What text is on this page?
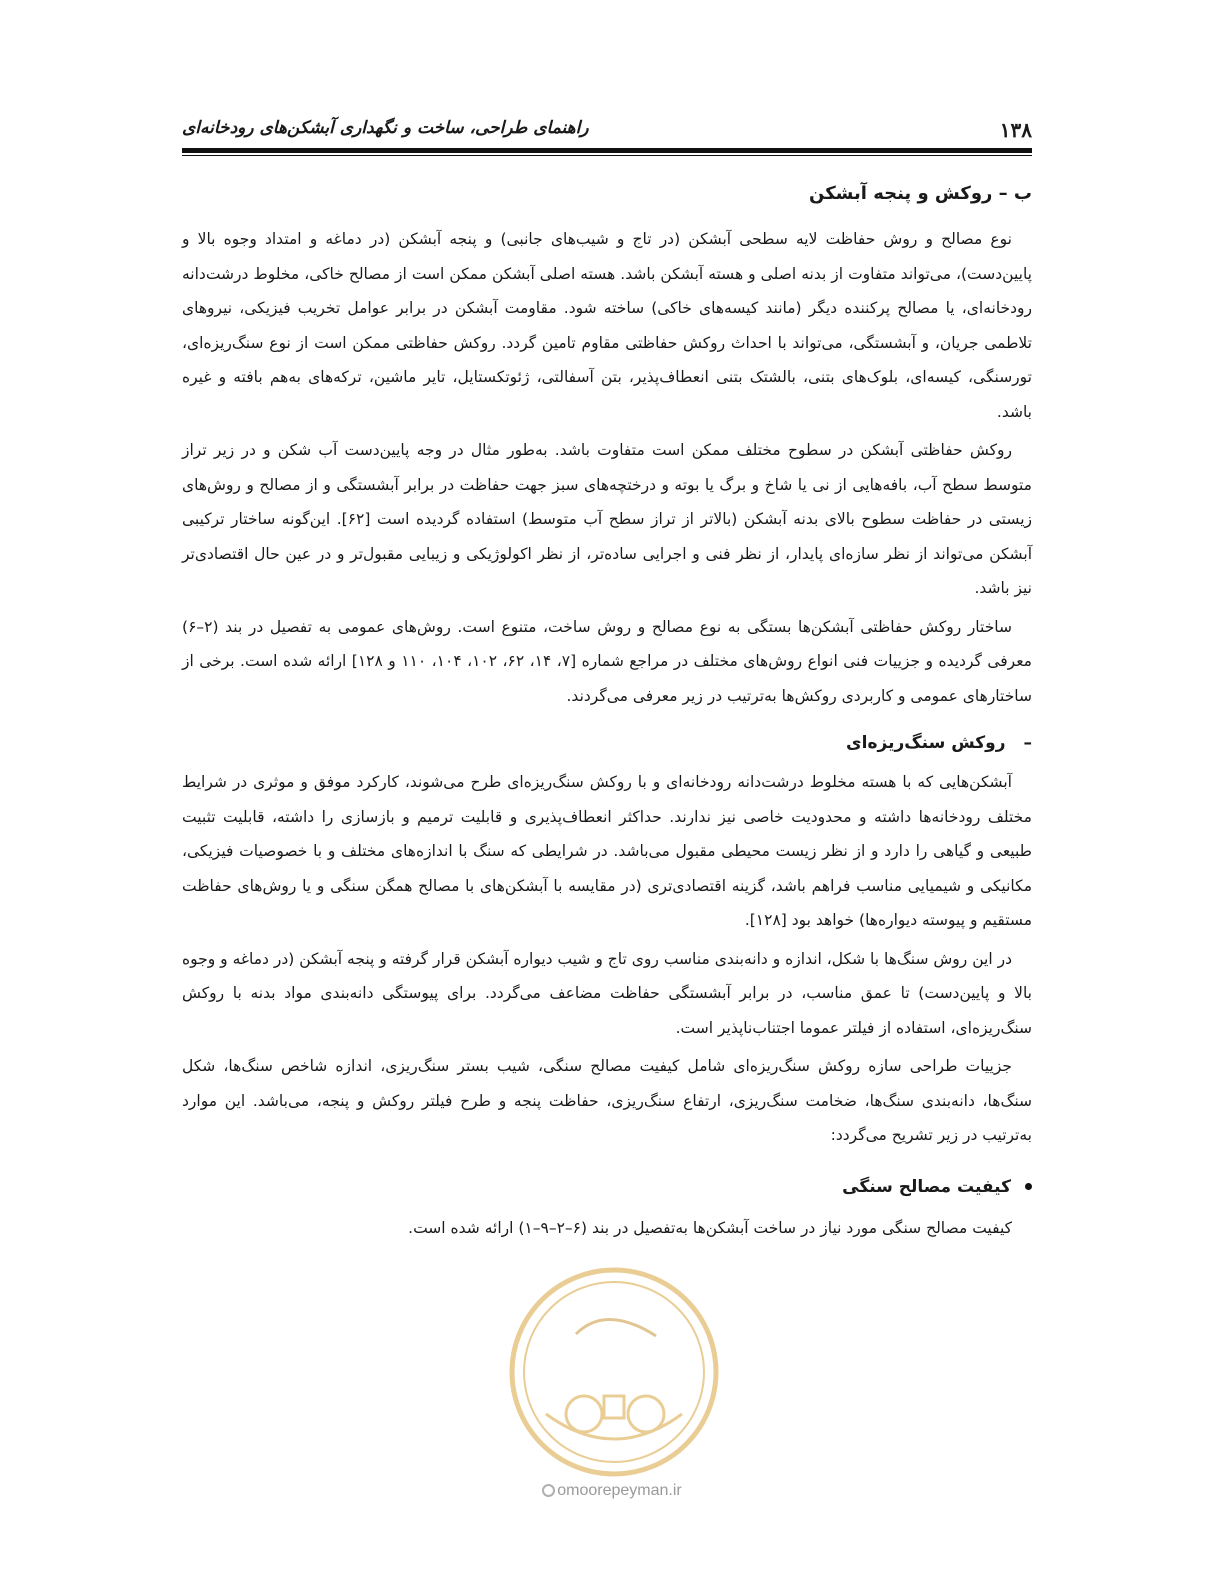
۱۳۸
راهنمای طراحی، ساخت و نگهداری آبشکن‌های رودخانه‌ای
ب – روکش و پنجه آبشکن

نوع مصالح و روش حفاظت لایه سطحی آبشکن (در تاج و شیب‌های جانبی) و پنجه آبشکن (در دماغه و امتداد وجوه بالا و پایین‌دست)، می‌تواند متفاوت از بدنه اصلی و هسته آبشکن باشد. هسته اصلی آبشکن ممکن است از مصالح خاکی، مخلوط درشت‌دانه رودخانه‌ای، یا مصالح پرکننده دیگر (مانند کیسه‌های خاکی) ساخته شود. مقاومت آبشکن در برابر عوامل تخریب فیزیکی، نیروهای تلاطمی جریان، و آبشستگی، می‌تواند با احداث روکش حفاظتی مقاوم تامین گردد. روکش حفاظتی ممکن است از نوع سنگ‌ریزه‌ای، تورسنگی، کیسه‌ای، بلوک‌های بتنی، بالشتک بتنی انعطاف‌پذیر، بتن آسفالتی، ژئوتکستایل، تایر ماشین، ترکه‌های به‌هم بافته و غیره باشد.

روکش حفاظتی آبشکن در سطوح مختلف ممکن است متفاوت باشد. به‌طور مثال در وجه پایین‌دست آب شکن و در زیر تراز متوسط سطح آب، بافه‌هایی از نی یا شاخ و برگ یا بوته و درختچه‌های سبز جهت حفاظت در برابر آبشستگی و از مصالح و روش‌های زیستی در حفاظت سطوح بالای بدنه آبشکن (بالاتر از تراز سطح آب متوسط) استفاده گردیده است [۶۲]. این‌گونه ساختار ترکیبی آبشکن می‌تواند از نظر سازه‌ای پایدار، از نظر فنی و اجرایی ساده‌تر، از نظر اکولوژیکی و زیبایی مقبول‌تر و در عین حال اقتصادی‌تر نیز باشد.

ساختار روکش حفاظتی آبشکن‌ها بستگی به نوع مصالح و روش ساخت، متنوع است. روش‌های عمومی به تفصیل در بند (۲–۶) معرفی گردیده و جزییات فنی انواع روش‌های مختلف در مراجع شماره [۷، ۱۴، ۶۲، ۱۰۲، ۱۰۴، ۱۱۰ و ۱۲۸] ارائه شده است. برخی از ساختارهای عمومی و کاربردی روکش‌ها به‌ترتیب در زیر معرفی می‌گردند.

–روکش سنگ‌ریزه‌ای

آبشکن‌هایی که با هسته مخلوط درشت‌دانه رودخانه‌ای و با روکش سنگ‌ریزه‌ای طرح می‌شوند، کارکرد موفق و موثری در شرایط مختلف رودخانه‌ها داشته و محدودیت خاصی نیز ندارند. حداکثر انعطاف‌پذیری و قابلیت ترمیم و بازسازی را داشته، قابلیت تثبیت طبیعی و گیاهی را دارد و از نظر زیست محیطی مقبول می‌باشد. در شرایطی که سنگ با اندازه‌های مختلف و با خصوصیات فیزیکی، مکانیکی و شیمیایی مناسب فراهم باشد، گزینه اقتصادی‌تری (در مقایسه با آبشکن‌های با مصالح همگن سنگی و یا روش‌های حفاظت مستقیم و پیوسته دیواره‌ها) خواهد بود [۱۲۸].

در این روش سنگ‌ها با شکل، اندازه و دانه‌بندی مناسب روی تاج و شیب دیواره آبشکن قرار گرفته و پنجه آبشکن (در دماغه و وجوه بالا و پایین‌دست) تا عمق مناسب، در برابر آبشستگی حفاظت مضاعف می‌گردد. برای پیوستگی دانه‌بندی مواد بدنه با روکش سنگ‌ریزه‌ای، استفاده از فیلتر عموما اجتناب‌ناپذیر است.

جزییات طراحی سازه روکش سنگ‌ریزه‌ای شامل کیفیت مصالح سنگی، شیب بستر سنگ‌ریزی، اندازه شاخص سنگ‌ها، شکل سنگ‌ها، دانه‌بندی سنگ‌ها، ضخامت سنگ‌ریزی، ارتفاع سنگ‌ریزی، حفاظت پنجه و طرح فیلتر روکش و پنجه، می‌باشد. این موارد به‌ترتیب در زیر تشریح می‌گردد:

کیفیت مصالح سنگی

کیفیت مصالح سنگی مورد نیاز در ساخت آبشکن‌ها به‌تفصیل در بند (۶–۲–۹–۱) ارائه شده است.

omoorepeyman.ir
